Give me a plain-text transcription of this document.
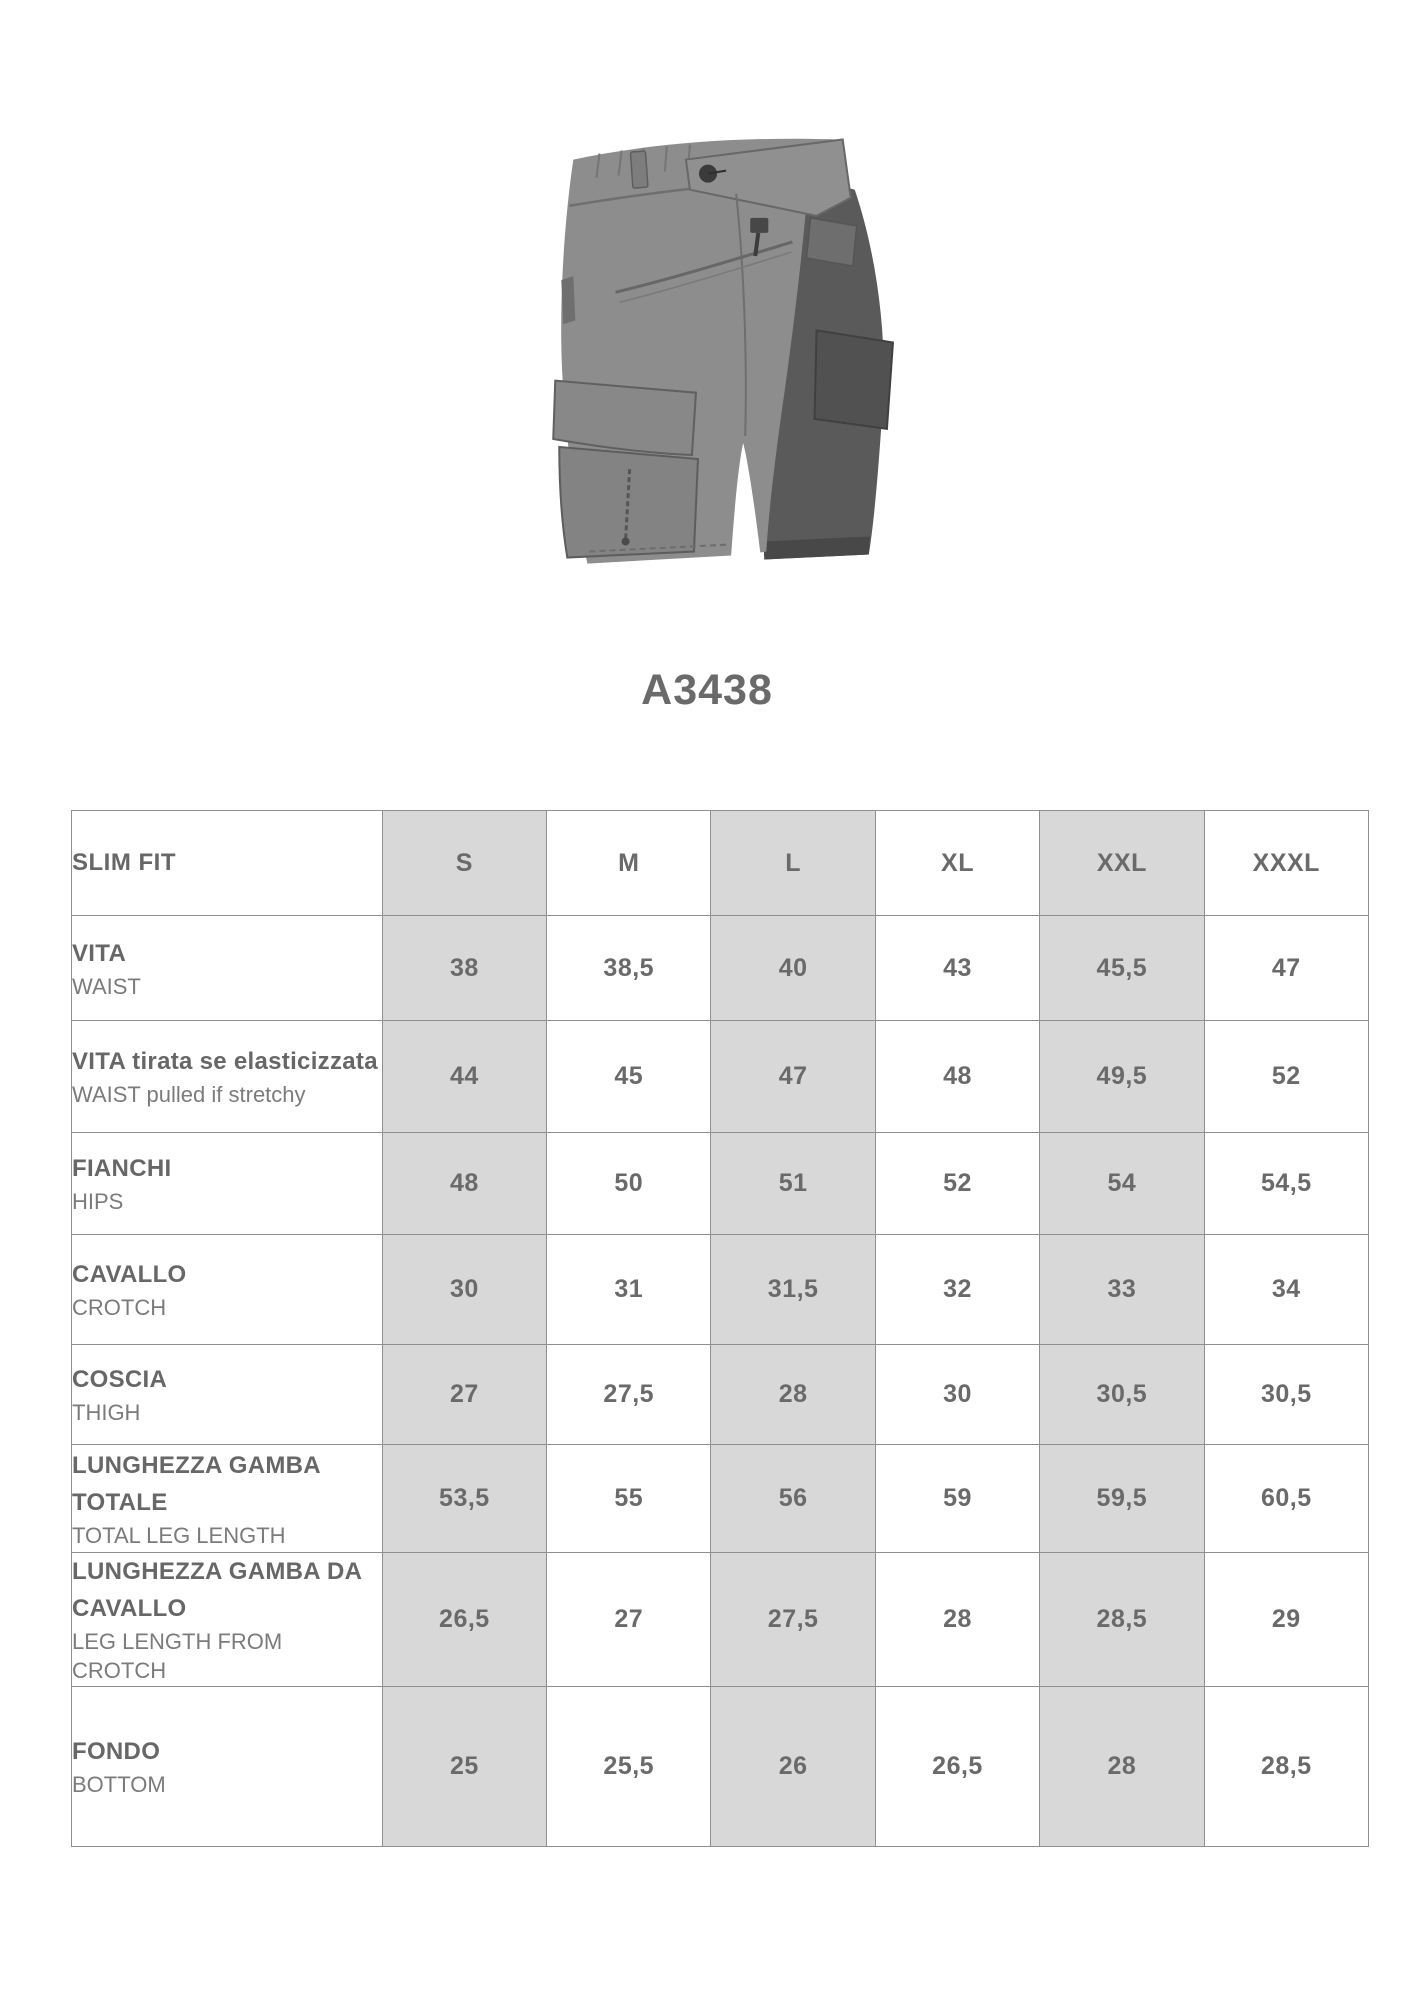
A3438
SLIM FIT	S	M	L	XL	XXL	XXXL

VITA
WAIST	38	38,5	40	43	45,5	47

VITA tirata se elasticizzata
WAIST pulled if stretchy	44	45	47	48	49,5	52

FIANCHI
HIPS	48	50	51	52	54	54,5

CAVALLO
CROTCH	30	31	31,5	32	33	34

COSCIA
THIGH	27	27,5	28	30	30,5	30,5

LUNGHEZZA GAMBA TOTALE
TOTAL LEG LENGTH	53,5	55	56	59	59,5	60,5

LUNGHEZZA GAMBA DA CAVALLO
LEG LENGTH FROM CROTCH	26,5	27	27,5	28	28,5	29

FONDO
BOTTOM	25	25,5	26	26,5	28	28,5
